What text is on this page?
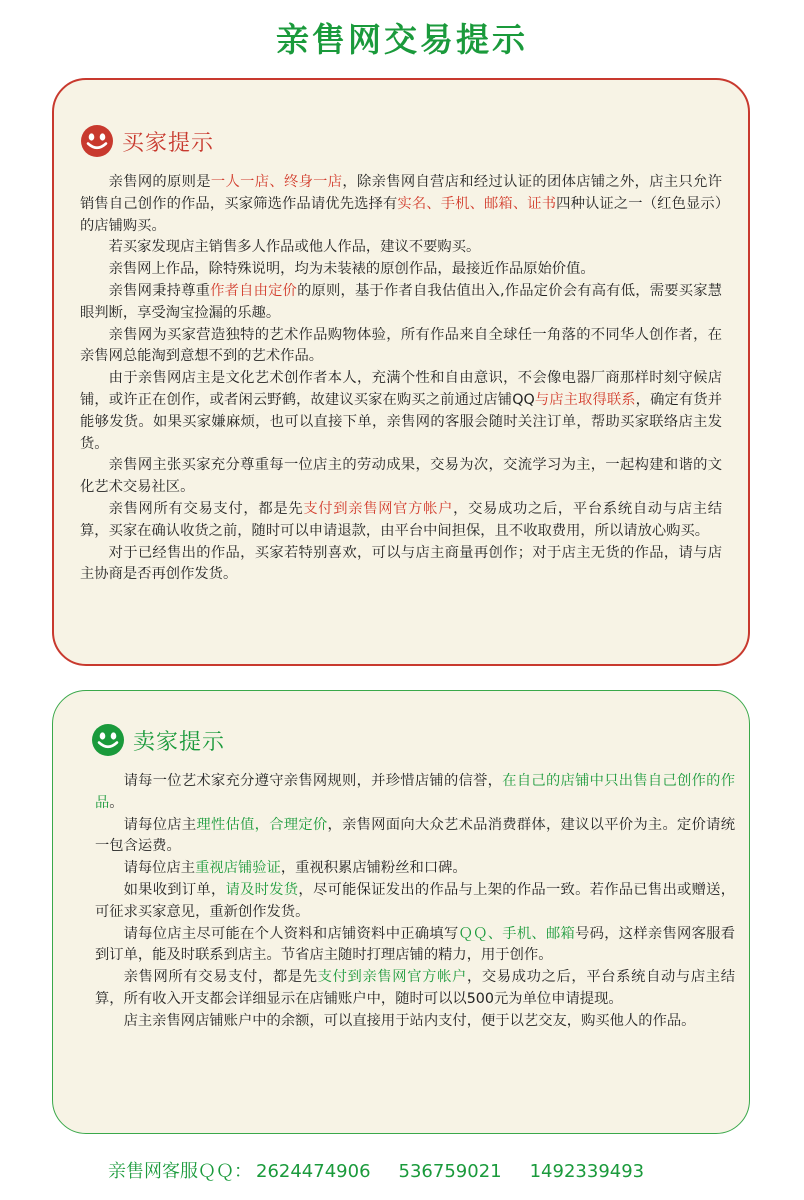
亲售网交易提示
买家提示

亲售网的原则是一人一店、终身一店，除亲售网自营店和经过认证的团体店铺之外，店主只允许销售自己创作的作品，买家筛选作品请优先选择有实名、手机、邮箱、证书四种认证之一（红色显示）的店铺购买。

若买家发现店主销售多人作品或他人作品，建议不要购买。

亲售网上作品，除特殊说明，均为未装裱的原创作品，最接近作品原始价值。

亲售网秉持尊重作者自由定价的原则，基于作者自我估值出入,作品定价会有高有低，需要买家慧眼判断，享受淘宝捡漏的乐趣。

亲售网为买家营造独特的艺术作品购物体验，所有作品来自全球任一角落的不同华人创作者，在亲售网总能淘到意想不到的艺术作品。

由于亲售网店主是文化艺术创作者本人，充满个性和自由意识，不会像电器厂商那样时刻守候店铺，或许正在创作，或者闲云野鹤，故建议买家在购买之前通过店铺QQ与店主取得联系，确定有货并能够发货。如果买家嫌麻烦，也可以直接下单，亲售网的客服会随时关注订单，帮助买家联络店主发货。

亲售网主张买家充分尊重每一位店主的劳动成果，交易为次，交流学习为主，一起构建和谐的文化艺术交易社区。

亲售网所有交易支付，都是先支付到亲售网官方帐户，交易成功之后，平台系统自动与店主结算，买家在确认收货之前，随时可以申请退款，由平台中间担保，且不收取费用，所以请放心购买。

对于已经售出的作品，买家若特别喜欢，可以与店主商量再创作；对于店主无货的作品，请与店主协商是否再创作发货。

卖家提示

请每一位艺术家充分遵守亲售网规则，并珍惜店铺的信誉，在自己的店铺中只出售自己创作的作品。

请每位店主理性估值，合理定价，亲售网面向大众艺术品消费群体，建议以平价为主。定价请统一包含运费。

请每位店主重视店铺验证，重视积累店铺粉丝和口碑。

如果收到订单，请及时发货，尽可能保证发出的作品与上架的作品一致。若作品已售出或赠送，可征求买家意见，重新创作发货。

请每位店主尽可能在个人资料和店铺资料中正确填写ＱＱ、手机、邮箱号码，这样亲售网客服看到订单，能及时联系到店主。节省店主随时打理店铺的精力，用于创作。

亲售网所有交易支付，都是先支付到亲售网官方帐户，交易成功之后，平台系统自动与店主结算，所有收入开支都会详细显示在店铺账户中，随时可以以500元为单位申请提现。

店主亲售网店铺账户中的余额，可以直接用于站内支付，便于以艺交友，购买他人的作品。

亲售网客服ＱＱ： 2624474906 536759021 1492339493
